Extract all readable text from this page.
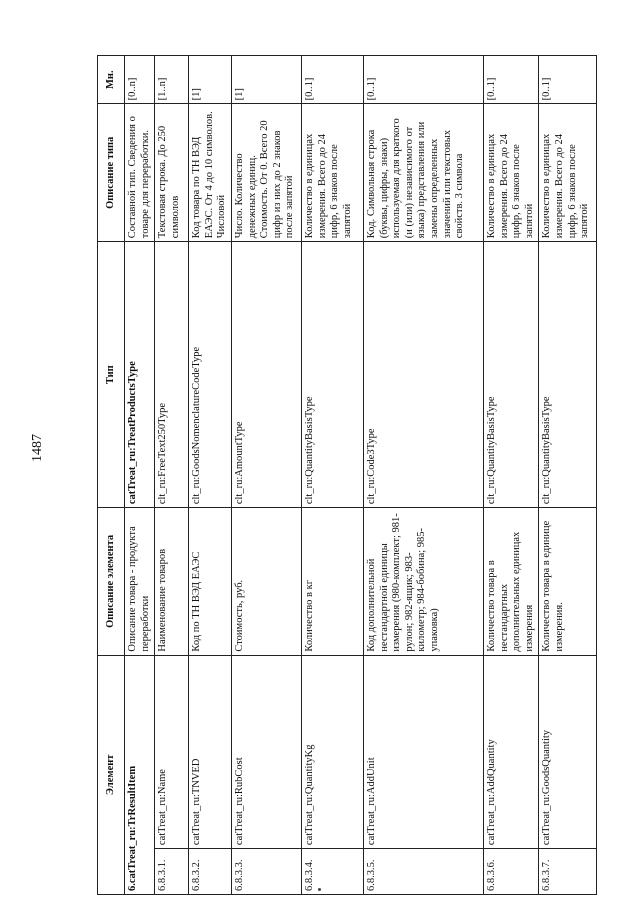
1487
Элемент		Описание элемента	Тип	Описание типа	Мн.
6.catTreat_ru:TrResultItem		Описание товара - продукта переработки	catTreat_ru:TreatProductsType	Составной тип. Сведения о товаре для переработки.	[0..n]
6.8.3.1.	catTreat_ru:Name	Наименование товаров	clt_ru:FreeText250Type	Текстовая строка. До 250 символов	[1..n]
6.8.3.2.	catTreat_ru:TNVED	Код по ТН ВЭД ЕАЭС	clt_ru:GoodsNomenclatureCodeType	Код товара по ТН ВЭД ЕАЭС. От 4 до 10 символов. Числовой	[1]
6.8.3.3.	catTreat_ru:RubCost	Стоимость, руб.	clt_ru:AmountType	Число. Количество денежных единиц. Стоимость. От 0. Всего 20 цифр из них до 2 знаков после запятой	[1]
6.8.3.4.	catTreat_ru:QuantityKg	Количество в кг	clt_ru:QuantityBasisType	Количество в единицах измерения. Всего до 24 цифр, 6 знаков после запятой	[0..1]
6.8.3.5.	catTreat_ru:AddUnit	Код дополнительной нестандартной единицы измерения (980-комплект; 981-рулон; 982-ящик; 983-километр; 984-бобина; 985-упаковка)	clt_ru:Code3Type	Код. Символьная строка (буквы, цифры, знаки) используемая для краткого (и (или) независимого от языка) представления или замены определенных значений или текстовых свойств. 3 символа	[0..1]
6.8.3.6.	catTreat_ru:AddQuantity	Количество товара в нестандартных дополнительных единицах измерения	clt_ru:QuantityBasisType	Количество в единицах измерения. Всего до 24 цифр, 6 знаков после запятой	[0..1]
6.8.3.7.	catTreat_ru:GoodsQuantity	Количество товара в единице измерения.	clt_ru:QuantityBasisType	Количество в единицах измерения. Всего до 24 цифр, 6 знаков после запятой	[0..1]
